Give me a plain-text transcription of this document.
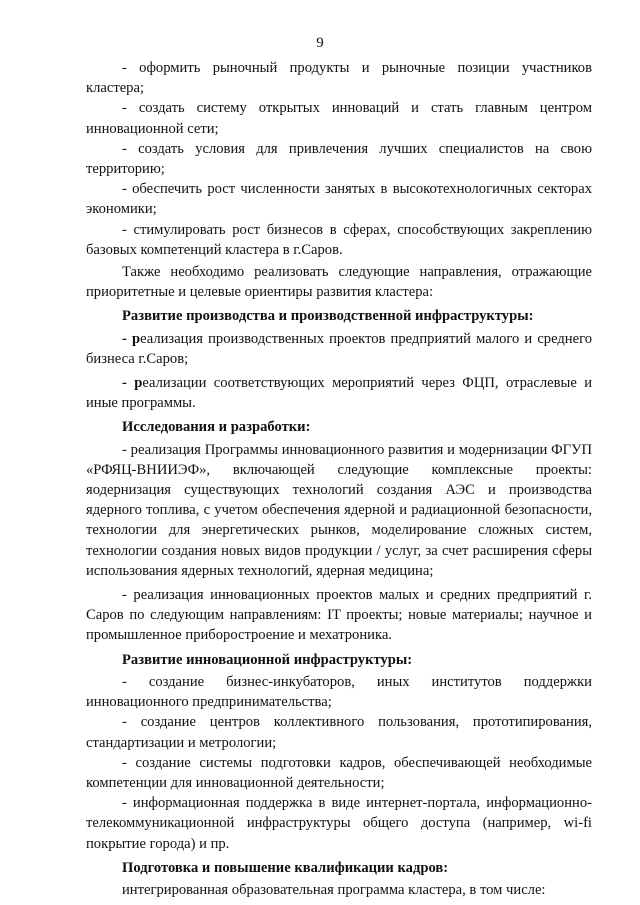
9

- оформить рыночный продукты и рыночные позиции участников кластера;

- создать систему открытых инноваций и стать главным центром инновационной сети;

- создать условия для привлечения лучших специалистов на свою территорию;

- обеспечить рост численности занятых в высокотехнологичных секторах экономики;

- стимулировать рост бизнесов в сферах, способствующих закреплению базовых компетенций кластера в г.Саров.

Также необходимо реализовать следующие направления, отражающие приоритетные и целевые ориентиры развития кластера:

Развитие производства и производственной инфраструктуры:

- реализация производственных проектов предприятий малого и среднего бизнеса г.Саров;

- реализации соответствующих мероприятий через ФЦП, отраслевые и иные программы.

Исследования и разработки:

- реализация Программы инновационного развития и модернизации ФГУП «РФЯЦ-ВНИИЭФ», включающей следующие комплексные проекты: яодернизация существующих технологий создания АЭС и производства ядерного топлива, с учетом обеспечения ядерной и радиационной безопасности, технологии для энергетических рынков, моделирование сложных систем, технологии создания новых видов продукции / услуг, за счет расширения сферы использования ядерных технологий, ядерная медицина;

- реализация инновационных проектов малых и средних предприятий г. Саров по следующим направлениям: IT проекты; новые материалы; научное и промышленное приборостроение и мехатроника.

Развитие инновационной инфраструктуры:

- создание бизнес-инкубаторов, иных институтов поддержки инновационного предпринимательства;

- создание центров коллективного пользования, прототипирования, стандартизации и метрологии;

- создание системы подготовки кадров, обеспечивающей необходимые компетенции для инновационной деятельности;

- информационная поддержка в виде интернет-портала, информационно-телекоммуникационной инфраструктуры общего доступа (например, wi-fi покрытие города) и пр.

Подготовка и повышение квалификации кадров:

интегрированная образовательная программа кластера, в том числе:
